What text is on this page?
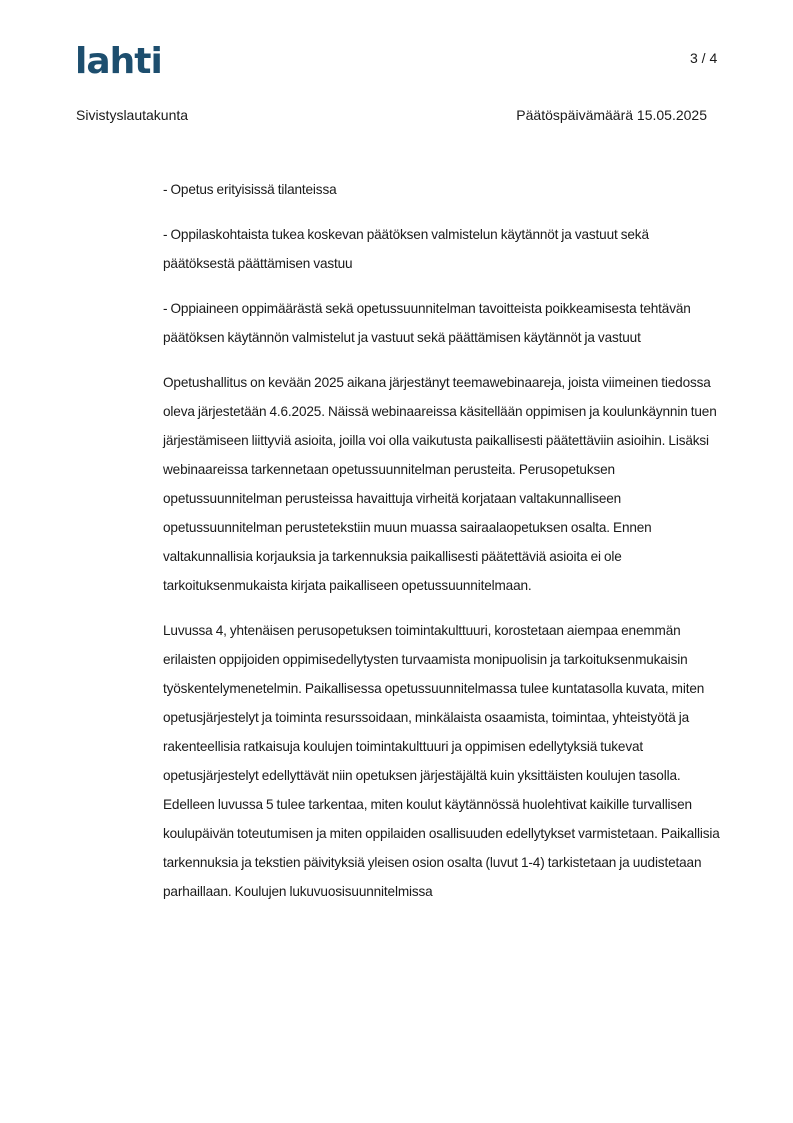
lahti	3 / 4
Sivistyslautakunta	Päätöspäivämäärä 15.05.2025

- Opetus erityisissä tilanteissa

- Oppilaskohtaista tukea koskevan päätöksen valmistelun käytännöt ja vastuut sekä päätöksestä päättämisen vastuu

- Oppiaineen oppimäärästä sekä opetussuunnitelman tavoitteista poikkeamisesta tehtävän päätöksen käytännön valmistelut ja vastuut sekä päättämisen käytännöt ja vastuut

Opetushallitus on kevään 2025 aikana järjestänyt teemawebinaareja, joista viimeinen tiedossa oleva järjestetään 4.6.2025. Näissä webinaareissa käsitellään oppimisen ja koulunkäynnin tuen järjestämiseen liittyviä asioita, joilla voi olla vaikutusta paikallisesti päätettäviin asioihin. Lisäksi webinaareissa tarkennetaan opetussuunnitelman perusteita. Perusopetuksen opetussuunnitelman perusteissa havaittuja virheitä korjataan valtakunnalliseen opetussuunnitelman perustetekstiin muun muassa sairaalaopetuksen osalta. Ennen valtakunnallisia korjauksia ja tarkennuksia paikallisesti päätettäviä asioita ei ole tarkoituksenmukaista kirjata paikalliseen opetussuunnitelmaan.

Luvussa 4, yhtenäisen perusopetuksen toimintakulttuuri, korostetaan aiempaa enemmän erilaisten oppijoiden oppimisedellytysten turvaamista monipuolisin ja tarkoituksenmukaisin työskentelymenetelmin. Paikallisessa opetussuunnitelmassa tulee kuntatasolla kuvata, miten opetusjärjestelyt ja toiminta resurssoidaan, minkälaista osaamista, toimintaa, yhteistyötä ja rakenteellisia ratkaisuja koulujen toimintakulttuuri ja oppimisen edellytyksiä tukevat opetusjärjestelyt edellyttävät niin opetuksen järjestäjältä kuin yksittäisten koulujen tasolla. Edelleen luvussa 5 tulee tarkentaa, miten koulut käytännössä huolehtivat kaikille turvallisen koulupäivän toteutumisen ja miten oppilaiden osallisuuden edellytykset varmistetaan. Paikallisia tarkennuksia ja tekstien päivityksiä yleisen osion osalta (luvut 1-4) tarkistetaan ja uudistetaan parhaillaan. Koulujen lukuvuosisuunnitelmissa
